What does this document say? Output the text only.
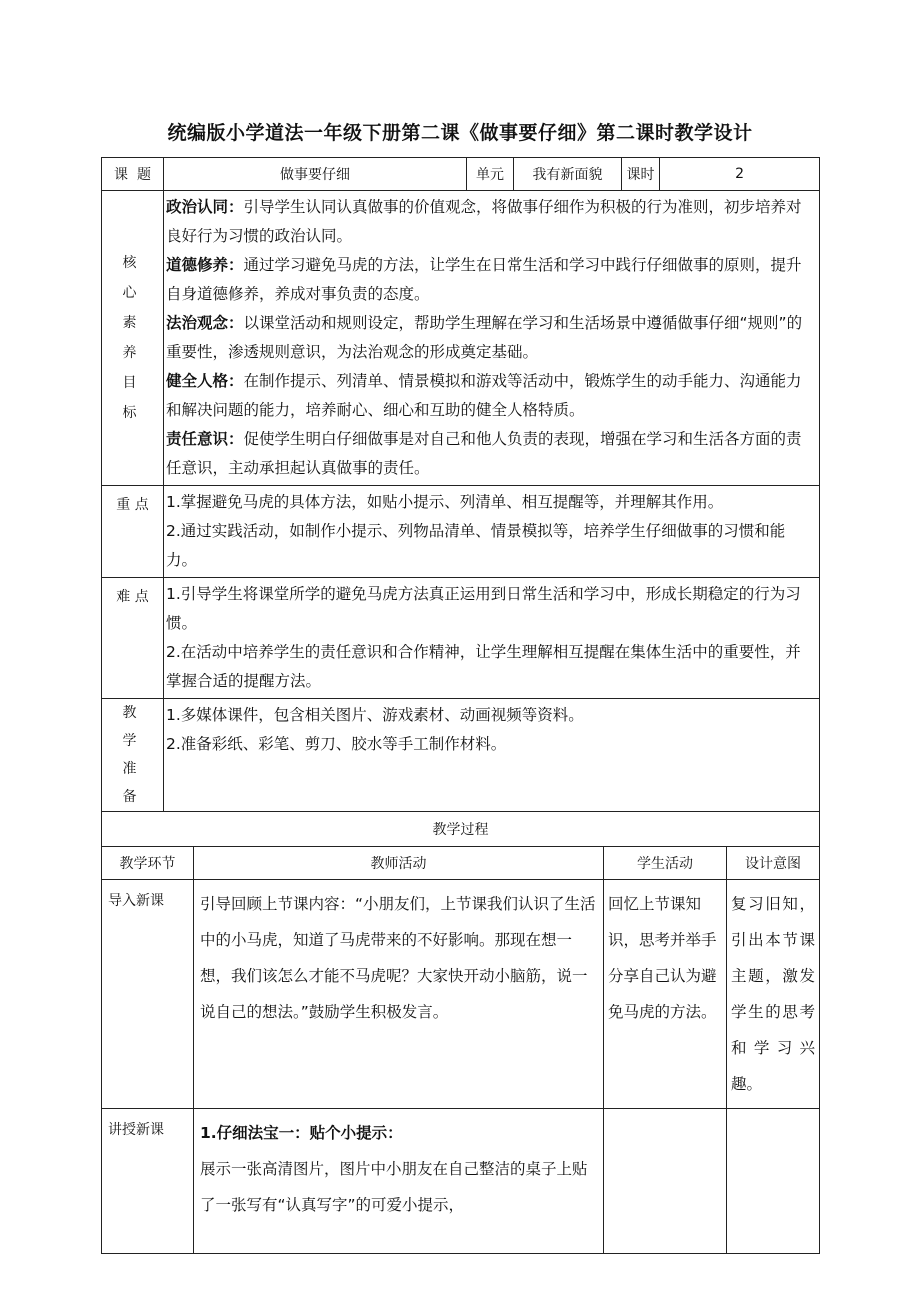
统编版小学道法一年级下册第二课《做事要仔细》第二课时教学设计
课  题	做事要仔细		单元	我有新面貌		课时	2	
核 心 素 养 目 标	政治认同：引导学生认同认真做事的价值观念，将做事仔细作为积极的行为准则，初步培养对良好行为习惯的政治认同。

道德修养：通过学习避免马虎的方法，让学生在日常生活和学习中践行仔细做事的原则，提升自身道德修养，养成对事负责的态度。

法治观念：以课堂活动和规则设定，帮助学生理解在学习和生活场景中遵循做事仔细“规则”的重要性，渗透规则意识，为法治观念的形成奠定基础。

健全人格：在制作提示、列清单、情景模拟和游戏等活动中，锻炼学生的动手能力、沟通能力和解决问题的能力，培养耐心、细心和互助的健全人格特质。

责任意识：促使学生明白仔细做事是对自己和他人负责的表现，增强在学习和生活各方面的责任意识，主动承担起认真做事的责任。							

重 点	1.掌握避免马虎的具体方法，如贴小提示、列清单、相互提醒等，并理解其作用。

2.通过实践活动，如制作小提示、列物品清单、情景模拟等，培养学生仔细做事的习惯和能力。							

难 点	1.引导学生将课堂所学的避免马虎方法真正运用到日常生活和学习中，形成长期稳定的行为习惯。

2.在活动中培养学生的责任意识和合作精神，让学生理解相互提醒在集体生活中的重要性，并掌握合适的提醒方法。							

教 学 准 备	1.多媒体课件，包含相关图片、游戏素材、动画视频等资料。

2.准备彩纸、彩笔、剪刀、胶水等手工制作材料。							

教学过程								
教学环节		教师活动			学生活动			设计意图
导入新课		引导回顾上节课内容：“小朋友们，上节课我们认识了生活中的小马虎，知道了马虎带来的不好影响。那现在想一想，我们该怎么才能不马虎呢？大家快开动小脑筋，说一说自己的想法。”鼓励学生积极发言。			回忆上节课知识，思考并举手分享自己认为避免马虎的方法。			复习旧知，引出本节课主题，激发学生的思考和学习兴趣。
讲授新课		1.仔细法宝一：贴个小提示：
展示一张高清图片，图片中小朋友在自己整洁的桌子上贴了一张写有“认真写字”的可爱小提示，						
